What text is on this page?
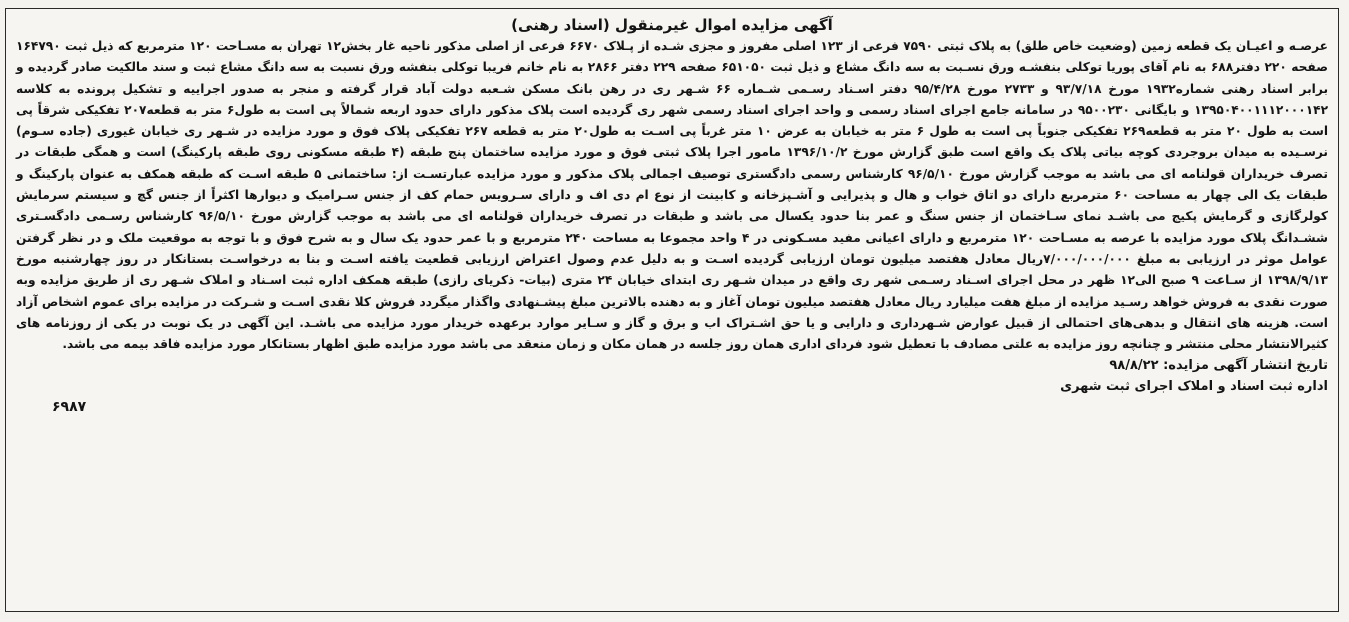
آگهی مزایده اموال غیرمنقول (اسناد رهنی)

عرصـه و اعیـان یک قطعه زمین (وضعیت خاص طلق) به پلاک ثبتی ۷۵۹۰ فرعی از ۱۲۳ اصلی مفروز و مجزی شـده از پـلاک ۶۶۷۰ فرعی از اصلی مذکور ناحیه غار بخش۱۲ تهران به مسـاحت ۱۲۰ مترمربع که ذیل ثبت ۱۶۴۷۹۰ صفحه ۲۲۰ دفتر۶۸۸ به نام آقای پوریا توکلی بنفشـه ورق نسـبت به سه دانگ مشاع و ذیل ثبت ۶۵۱۰۵۰ صفحه ۲۲۹ دفتر ۲۸۶۶ به نام خانم فریبا توکلی بنفشه ورق نسبت به سه دانگ مشاع ثبت و سند مالکیت صادر گردیده و برابر اسناد رهنی شماره۱۹۳۲ مورخ ۹۳/۷/۱۸ و ۲۷۳۳ مورخ ۹۵/۴/۲۸ دفتر اسـناد رسـمی شـماره ۶۶ شـهر ری در رهن بانک مسکن شـعبه دولت آباد قرار گرفته و منجر به صدور اجراییه و تشکیل پرونده به کلاسه ۱۳۹۵۰۴۰۰۱۱۱۲۰۰۰۱۴۲ و بایگانی ۹۵۰۰۲۳۰ در سامانه جامع اجرای اسناد رسمی و واحد اجرای اسناد رسمی شهر ری گردیده است پلاک مذکور دارای حدود اربعه شمالاً پی است به طول۶ متر به قطعه۲۰۷ تفکیکی شرقاً پی است به طول ۲۰ متر به قطعه۲۶۹ تفکیکی جنوباً پی است به طول ۶ متر به خیابان به عرض ۱۰ متر غرباً پی اسـت به طول۲۰ متر به قطعه ۲۶۷ تفکیکی پلاک فوق و مورد مزایده در شـهر ری خیابان غیوری (جاده سـوم) نرسـیده به میدان بروجردی کوچه بیاتی پلاک یک واقع است طبق گزارش مورخ ۱۳۹۶/۱۰/۲ مامور اجرا پلاک ثبتی فوق و مورد مزایده ساختمان پنج طبقه (۴ طبقه مسکونی روی طبقه پارکینگ) است و همگی طبقات در تصرف خریداران قولنامه ای می باشد به موجب گزارش مورخ ۹۶/۵/۱۰ کارشناس رسمی دادگستری توصیف اجمالی پلاک مذکور و مورد مزایده عبارتسـت از: ساختمانی ۵ طبقه اسـت که طبقه همکف به عنوان پارکینگ و طبقات یک الی چهار به مساحت ۶۰ مترمربع دارای دو اتاق خواب و هال و پذیرایی و آشـپزخانه و کابینت از نوع ام دی اف و دارای سـرویس حمام کف از جنس سـرامیک و دیوارها اکثراً از جنس گچ و سیستم سرمایش کولرگازی و گرمایش پکیج می باشـد نمای سـاختمان از جنس سنگ و عمر بنا حدود یکسال می باشد و طبقات در تصرف خریداران قولنامه ای می باشد به موجب گزارش مورخ ۹۶/۵/۱۰ کارشناس رسـمی دادگسـتری ششـدانگ پلاک مورد مزایده با عرصه به مسـاحت ۱۲۰ مترمربع و دارای اعیانی مفید مسـکونی در ۴ واحد مجموعا به مساحت ۲۴۰ مترمربع و با عمر حدود یک سال و به شرح فوق و با توجه به موقعیت ملک و در نظر گرفتن عوامل موثر در ارزیابی به مبلغ ۷/۰۰۰/۰۰۰/۰۰۰ریال معادل هفتصد میلیون تومان ارزیابی گردیده اسـت و به دلیل عدم وصول اعتراض ارزیابی قطعیت یافته اسـت و بنا به درخواسـت بستانکار در روز چهارشنبه مورخ ۱۳۹۸/۹/۱۳ از سـاعت ۹ صبح الی۱۲ ظهر در محل اجرای اسـناد رسـمی شهر ری واقع در میدان شـهر ری ابتدای خیابان ۲۴ متری (بیات- ذکریای رازی) طبقه همکف اداره ثبت اسـناد و املاک شـهر ری از طریق مزایده وبه صورت نقدی به فروش خواهد رسـید مزایده از مبلغ هفت میلیارد ریال معادل هفتصد میلیون تومان آغاز و به دهنده بالاترین مبلغ پیشـنهادی واگذار میگردد فروش کلا نقدی اسـت و شـرکت در مزایده برای عموم اشخاص آزاد است. هزینه های انتقال و بدهی‌های احتمالی از قبیل عوارض شـهرداری و دارایی و یا حق اشـتراک اب و برق و گاز و سـایر موارد برعهده خریدار مورد مزایده می باشـد. این آگهی در یک نوبت در یکی از روزنامه های کثیرالانتشار محلی منتشر و چنانچه روز مزایده به علتی مصادف با تعطیل شود فردای اداری همان روز جلسه در همان مکان و زمان منعقد می باشد مورد مزایده طبق اظهار بستانکار مورد مزایده فاقد بیمه می باشد.

تاریخ انتشار آگهی مزایده: ۹۸/۸/۲۲
اداره ثبت اسناد و املاک اجرای ثبت شهری
۶۹۸۷
